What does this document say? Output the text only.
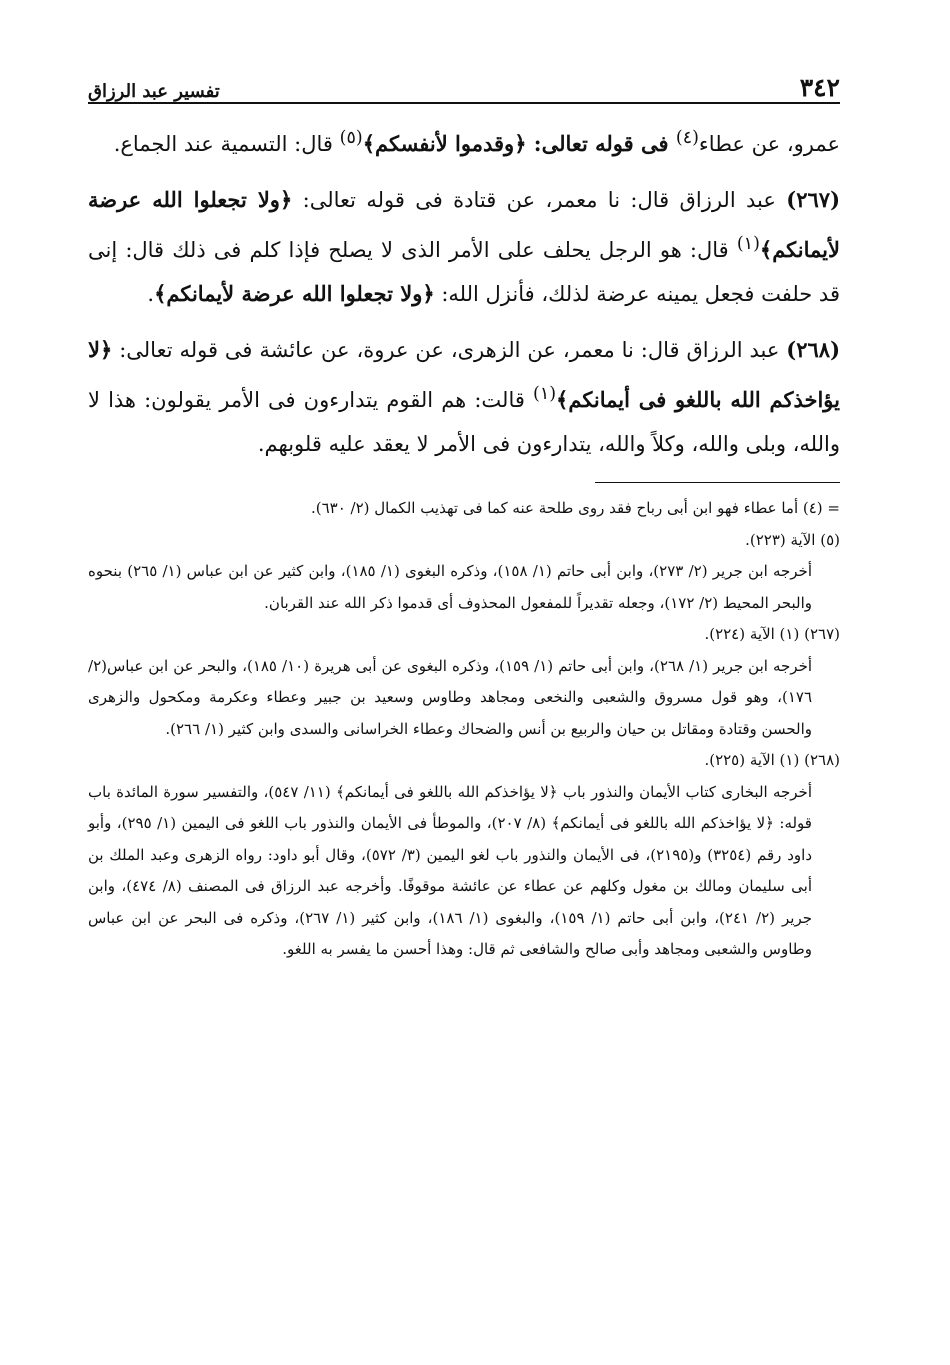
٣٤٢
تفسير عبد الرزاق

عمرو، عن عطاء$^{(٤)}$ فى قوله تعالى: ﴿وقدموا لأنفسكم﴾$^{(٥)}$ قال: التسمية عند الجماع.

(٢٦٧) عبد الرزاق قال: نا معمر، عن قتادة فى قوله تعالى: ﴿ولا تجعلوا الله عرضة لأيمانكم﴾$^{(١)}$ قال: هو الرجل يحلف على الأمر الذى لا يصلح فإذا كلم فى ذلك قال: إنى قد حلفت فجعل يمينه عرضة لذلك، فأنزل الله: ﴿ولا تجعلوا الله عرضة لأيمانكم﴾.

(٢٦٨) عبد الرزاق قال: نا معمر، عن الزهرى، عن عروة، عن عائشة فى قوله تعالى: ﴿لا يؤاخذكم الله باللغو فى أيمانكم﴾$^{(١)}$ قالت: هم القوم يتدارءون فى الأمر يقولون: هذا لا والله، وبلى والله، وكلاً والله، يتدارءون فى الأمر لا يعقد عليه قلوبهم.

= (٤) أما عطاء فهو ابن أبى رباح فقد روى طلحة عنه كما فى تهذيب الكمال (٢/ ٦٣٠).

(٥) الآية (٢٢٣).

أخرجه ابن جرير (٢/ ٢٧٣)، وابن أبى حاتم (١/ ١٥٨)، وذكره البغوى (١/ ١٨٥)، وابن كثير عن ابن عباس (١/ ٢٦٥) بنحوه والبحر المحيط (٢/ ١٧٢)، وجعله تقديراً للمفعول المحذوف أى قدموا ذكر الله عند القربان.

(٢٦٧) (١) الآية (٢٢٤).

أخرجه ابن جرير (١/ ٢٦٨)، وابن أبى حاتم (١/ ١٥٩)، وذكره البغوى عن أبى هريرة (١٠/ ١٨٥)، والبحر عن ابن عباس(٢/ ١٧٦)، وهو قول مسروق والشعبى والنخعى ومجاهد وطاوس وسعيد بن جبير وعطاء وعكرمة ومكحول والزهرى والحسن وقتادة ومقاتل بن حيان والربيع بن أنس والضحاك وعطاء الخراسانى والسدى وابن كثير (١/ ٢٦٦).

(٢٦٨) (١) الآية (٢٢٥).

أخرجه البخارى كتاب الأيمان والنذور باب ﴿لا يؤاخذكم الله باللغو فى أيمانكم﴾ (١١/ ٥٤٧)، والتفسير سورة المائدة باب قوله: ﴿لا يؤاخذكم الله باللغو فى أيمانكم﴾ (٨/ ٢٠٧)، والموطأ فى الأيمان والنذور باب اللغو فى اليمين (١/ ٢٩٥)، وأبو داود رقم (٣٢٥٤) و(٢١٩٥)، فى الأيمان والنذور باب لغو اليمين (٣/ ٥٧٢)، وقال أبو داود: رواه الزهرى وعبد الملك بن أبى سليمان ومالك بن مغول وكلهم عن عطاء عن عائشة موقوفًا. وأخرجه عبد الرزاق فى المصنف (٨/ ٤٧٤)، وابن جرير (٢/ ٢٤١)، وابن أبى حاتم (١/ ١٥٩)، والبغوى (١/ ١٨٦)، وابن كثير (١/ ٢٦٧)، وذكره فى البحر عن ابن عباس وطاوس والشعبى ومجاهد وأبى صالح والشافعى ثم قال: وهذا أحسن ما يفسر به اللغو.
